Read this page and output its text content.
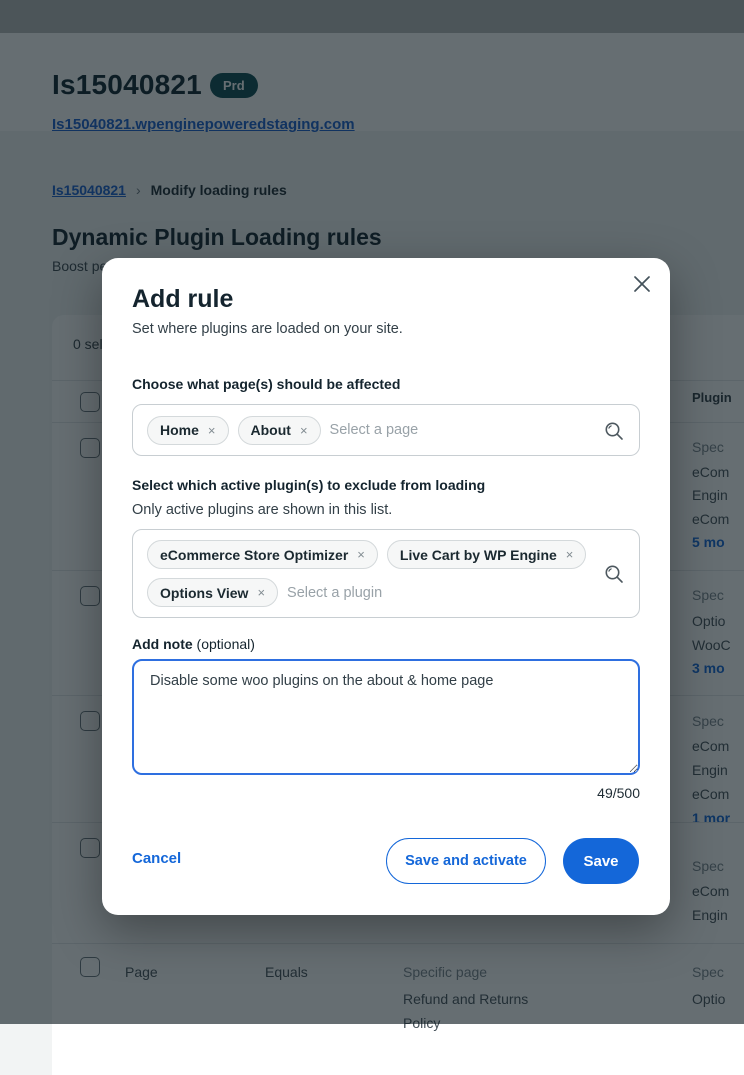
Add rule

Set where plugins are loaded on your site.

Choose what page(s) should be affected
Home ×	About × Select a page
Select which active plugin(s) to exclude from loading

Only active plugins are shown in this list.

eCommerce Store Optimizer ×	Live Cart by WP Engine ×
Options View × Select a plugin
Add note (optional)
Disable some woo plugins on the about & home page
49/500
Cancel	Save and activate	Save
